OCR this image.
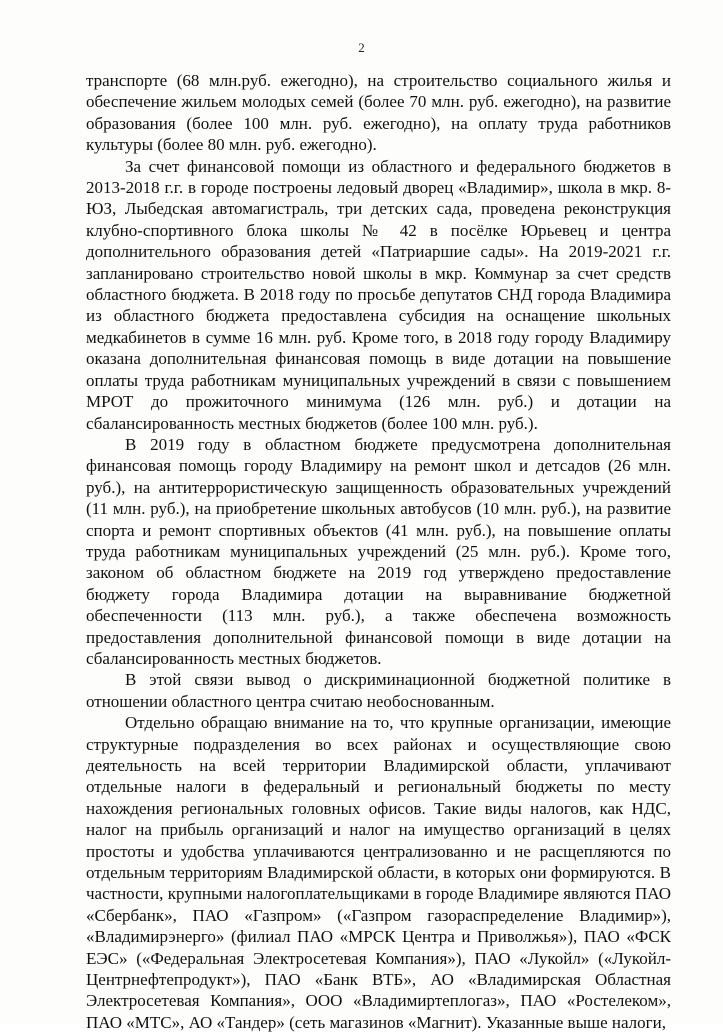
2

транспорте (68 млн.руб. ежегодно), на строительство социального жилья и обеспечение жильем молодых семей (более 70 млн. руб. ежегодно), на развитие образования (более 100 млн. руб. ежегодно), на оплату труда работников культуры (более 80 млн. руб. ежегодно).

За счет финансовой помощи из областного и федерального бюджетов в 2013-2018 г.г. в городе построены ледовый дворец «Владимир», школа в мкр. 8-ЮЗ, Лыбедская автомагистраль, три детских сада, проведена реконструкция клубно-спортивного блока школы № 42 в посёлке Юрьевец и центра дополнительного образования детей «Патриаршие сады». На 2019-2021 г.г. запланировано строительство новой школы в мкр. Коммунар за счет средств областного бюджета. В 2018 году по просьбе депутатов СНД города Владимира из областного бюджета предоставлена субсидия на оснащение школьных медкабинетов в сумме 16 млн. руб. Кроме того, в 2018 году городу Владимиру оказана дополнительная финансовая помощь в виде дотации на повышение оплаты труда работникам муниципальных учреждений в связи с повышением МРОТ до прожиточного минимума (126 млн. руб.) и дотации на сбалансированность местных бюджетов (более 100 млн. руб.).

В 2019 году в областном бюджете предусмотрена дополнительная финансовая помощь городу Владимиру на ремонт школ и детсадов (26 млн. руб.), на антитеррористическую защищенность образовательных учреждений (11 млн. руб.), на приобретение школьных автобусов (10 млн. руб.), на развитие спорта и ремонт спортивных объектов (41 млн. руб.), на повышение оплаты труда работникам муниципальных учреждений (25 млн. руб.). Кроме того, законом об областном бюджете на 2019 год утверждено предоставление бюджету города Владимира дотации на выравнивание бюджетной обеспеченности (113 млн. руб.), а также обеспечена возможность предоставления дополнительной финансовой помощи в виде дотации на сбалансированность местных бюджетов.

В этой связи вывод о дискриминационной бюджетной политике в отношении областного центра считаю необоснованным.

Отдельно обращаю внимание на то, что крупные организации, имеющие структурные подразделения во всех районах и осуществляющие свою деятельность на всей территории Владимирской области, уплачивают отдельные налоги в федеральный и региональный бюджеты по месту нахождения региональных головных офисов. Такие виды налогов, как НДС, налог на прибыль организаций и налог на имущество организаций в целях простоты и удобства уплачиваются централизованно и не расщепляются по отдельным территориям Владимирской области, в которых они формируются. В частности, крупными налогоплательщиками в городе Владимире являются ПАО «Сбербанк», ПАО «Газпром» («Газпром газораспределение Владимир»), «Владимирэнерго» (филиал ПАО «МРСК Центра и Приволжья»), ПАО «ФСК ЕЭС» («Федеральная Электросетевая Компания»), ПАО «Лукойл» («Лукойл-Центрнефтепродукт»), ПАО «Банк ВТБ», АО «Владимирская Областная Электросетевая Компания», ООО «Владимиртеплогаз», ПАО «Ростелеком», ПАО «МТС», АО «Тандер» (сеть магазинов «Магнит). Указанные выше налоги,
